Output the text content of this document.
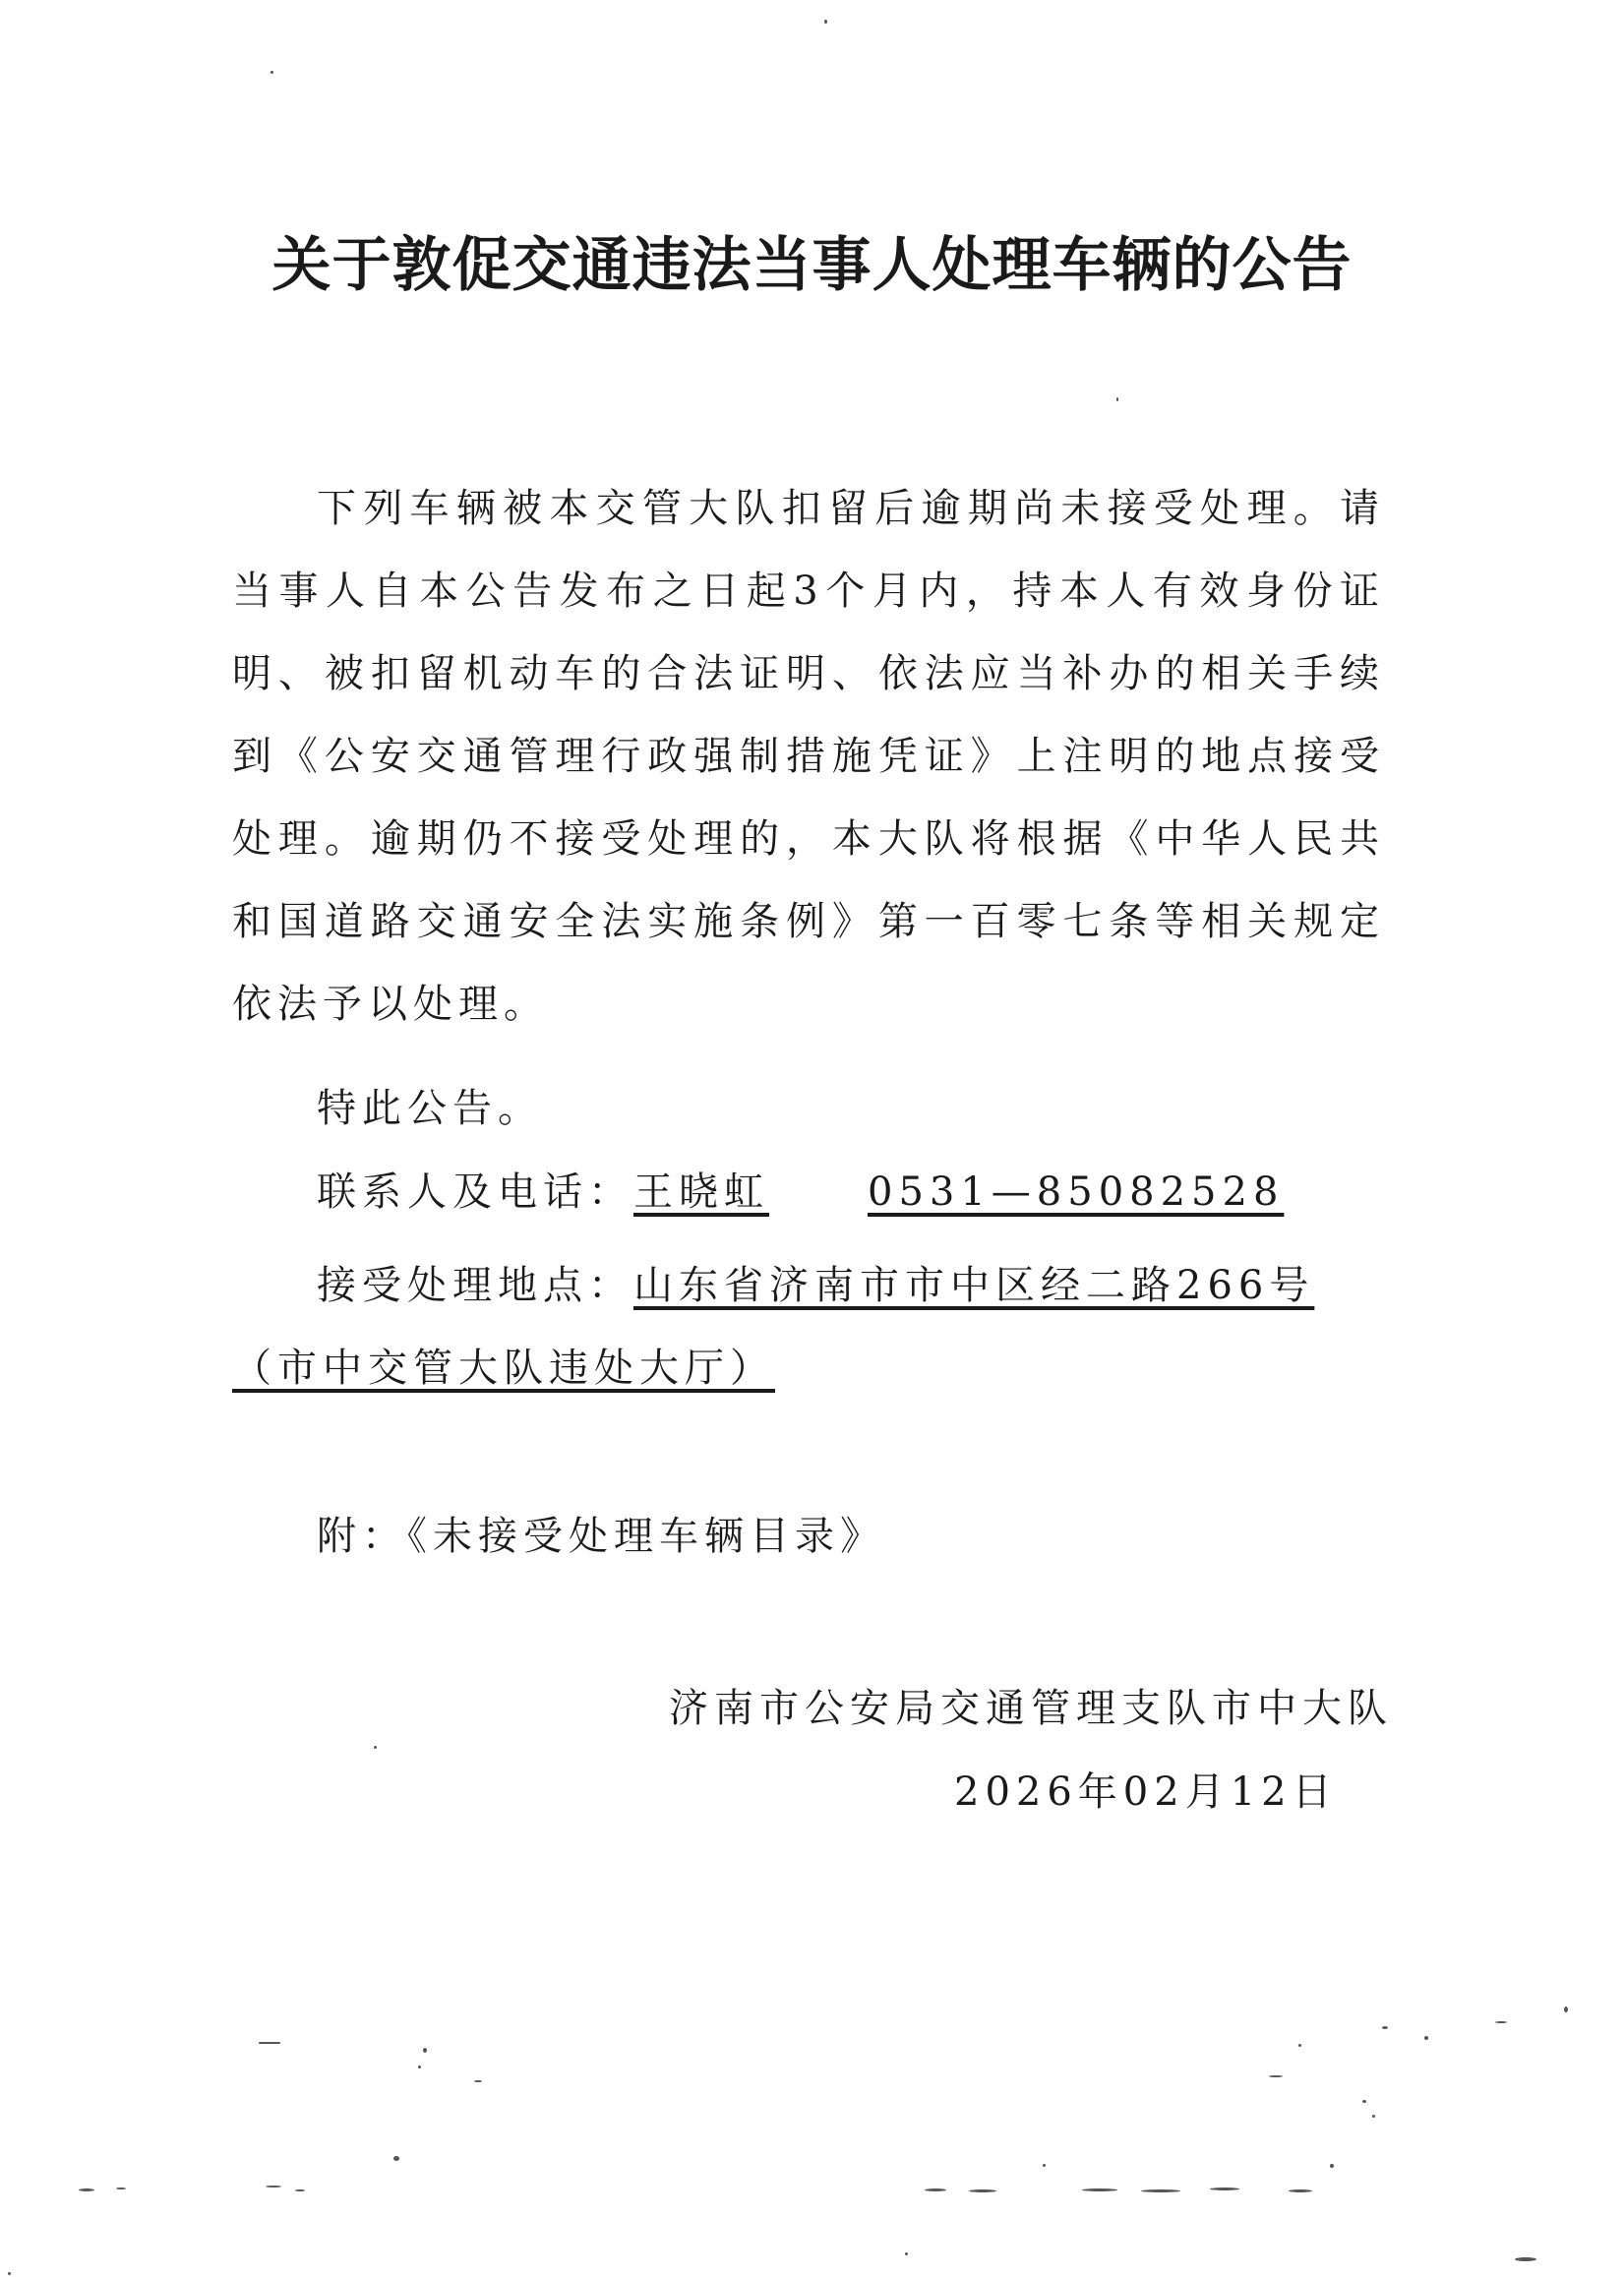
关于敦促交通违法当事人处理车辆的公告

下列车辆被本交管大队扣留后逾期尚未接受处理。请当事人自本公告发布之日起3个月内，持本人有效身份证明、被扣留机动车的合法证明、依法应当补办的相关手续到《公安交通管理行政强制措施凭证》上注明的地点接受处理。逾期仍不接受处理的，本大队将根据《中华人民共和国道路交通安全法实施条例》第一百零七条等相关规定依法予以处理。

特此公告。

联系人及电话：王晓虹	0531—85082528

接受处理地点：山东省济南市市中区经二路266号（市中交管大队违处大厅）

附：《未接受处理车辆目录》

济南市公安局交通管理支队市中大队

2026年02月12日
